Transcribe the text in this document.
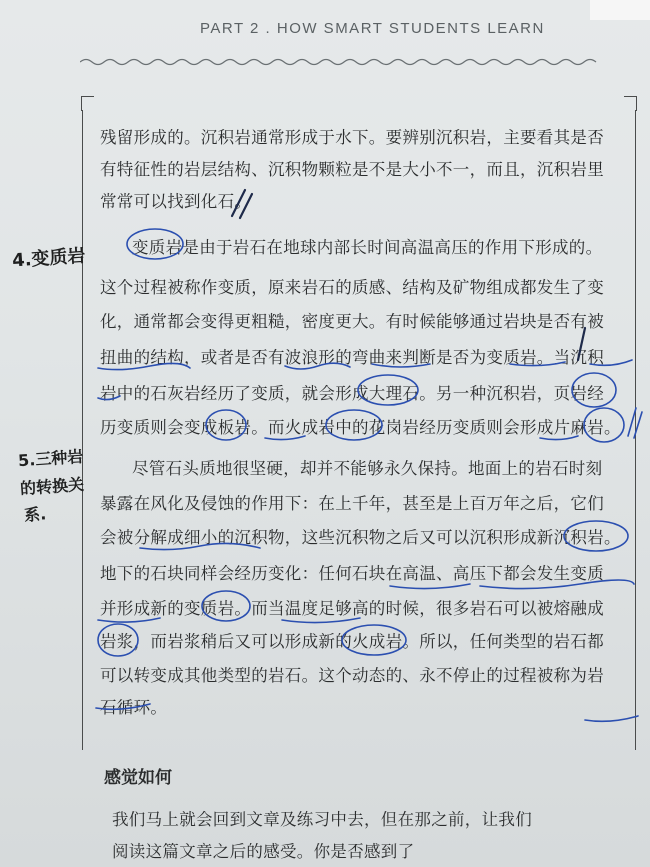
PART 2 . HOW SMART STUDENTS LEARN
残留形成的。沉积岩通常形成于水下。要辨别沉积岩，主要看其是否
有特征性的岩层结构、沉积物颗粒是不是大小不一，而且，沉积岩里
常常可以找到化石。
变质岩是由于岩石在地球内部长时间高温高压的作用下形成的。
这个过程被称作变质，原来岩石的质感、结构及矿物组成都发生了变
化，通常都会变得更粗糙，密度更大。有时候能够通过岩块是否有被
扭曲的结构，或者是否有波浪形的弯曲来判断是否为变质岩。当沉积
岩中的石灰岩经历了变质，就会形成大理石。另一种沉积岩，页岩经
历变质则会变成板岩。而火成岩中的花岗岩经历变质则会形成片麻岩。
尽管石头质地很坚硬，却并不能够永久保持。地面上的岩石时刻
暴露在风化及侵蚀的作用下：在上千年，甚至是上百万年之后，它们
会被分解成细小的沉积物，这些沉积物之后又可以沉积形成新沉积岩。
地下的石块同样会经历变化：任何石块在高温、高压下都会发生变质
并形成新的变质岩。而当温度足够高的时候，很多岩石可以被熔融成
岩浆，而岩浆稍后又可以形成新的火成岩。所以，任何类型的岩石都
可以转变成其他类型的岩石。这个动态的、永不停止的过程被称为岩
石循环。
4.变质岩
5.三种岩
的转换关
系.
感觉如何
我们马上就会回到文章及练习中去，但在那之前，让我们
阅读这篇文章之后的感受。你是否感到了
